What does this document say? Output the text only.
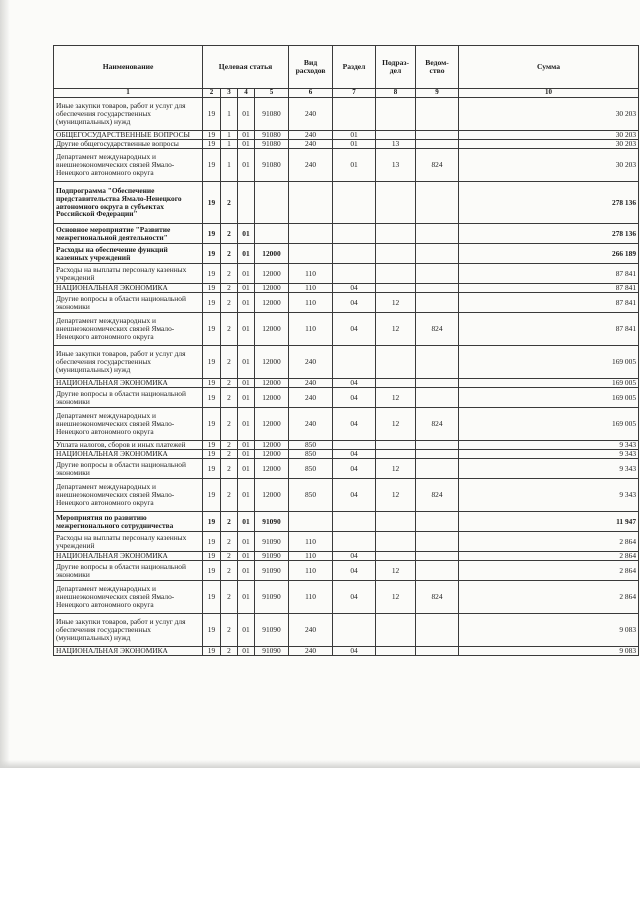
Наименование	Целевая статья				Вид расходов	Раздел	Подраз-дел	Ведом-ство	Сумма
1	2	3	4	5	6	7	8	9	10
Иные закупки товаров, работ и услуг для обеспечения государственных (муниципальных) нужд	19	1	01	91080	240				30 203
ОБЩЕГОСУДАРСТВЕННЫЕ ВОПРОСЫ	19	1	01	91080	240	01			30 203
Другие общегосударственные вопросы	19	1	01	91080	240	01	13		30 203
Департамент международных и внешнеэкономических связей Ямало-Ненецкого автономного округа	19	1	01	91080	240	01	13	824	30 203
Подпрограмма "Обеспечение представительства Ямало-Ненецкого автономного округа в субъектах Российской Федерации"	19	2							278 136
Основное мероприятие "Развитие межрегиональной деятельности"	19	2	01						278 136
Расходы на обеспечение функций казенных учреждений	19	2	01	12000					266 189
Расходы на выплаты персоналу казенных учреждений	19	2	01	12000	110				87 841
НАЦИОНАЛЬНАЯ ЭКОНОМИКА	19	2	01	12000	110	04			87 841
Другие вопросы в области национальной экономики	19	2	01	12000	110	04	12		87 841
Департамент международных и внешнеэкономических связей Ямало-Ненецкого автономного округа	19	2	01	12000	110	04	12	824	87 841
Иные закупки товаров, работ и услуг для обеспечения государственных (муниципальных) нужд	19	2	01	12000	240				169 005
НАЦИОНАЛЬНАЯ ЭКОНОМИКА	19	2	01	12000	240	04			169 005
Другие вопросы в области национальной экономики	19	2	01	12000	240	04	12		169 005
Департамент международных и внешнеэкономических связей Ямало-Ненецкого автономного округа	19	2	01	12000	240	04	12	824	169 005
Уплата налогов, сборов и иных платежей	19	2	01	12000	850				9 343
НАЦИОНАЛЬНАЯ ЭКОНОМИКА	19	2	01	12000	850	04			9 343
Другие вопросы в области национальной экономики	19	2	01	12000	850	04	12		9 343
Департамент международных и внешнеэкономических связей Ямало-Ненецкого автономного округа	19	2	01	12000	850	04	12	824	9 343
Мероприятия по развитию межрегионального сотрудничества	19	2	01	91090					11 947
Расходы на выплаты персоналу казенных учреждений	19	2	01	91090	110				2 864
НАЦИОНАЛЬНАЯ ЭКОНОМИКА	19	2	01	91090	110	04			2 864
Другие вопросы в области национальной экономики	19	2	01	91090	110	04	12		2 864
Департамент международных и внешнеэкономических связей Ямало-Ненецкого автономного округа	19	2	01	91090	110	04	12	824	2 864
Иные закупки товаров, работ и услуг для обеспечения государственных (муниципальных) нужд	19	2	01	91090	240				9 083
НАЦИОНАЛЬНАЯ ЭКОНОМИКА	19	2	01	91090	240	04			9 083
